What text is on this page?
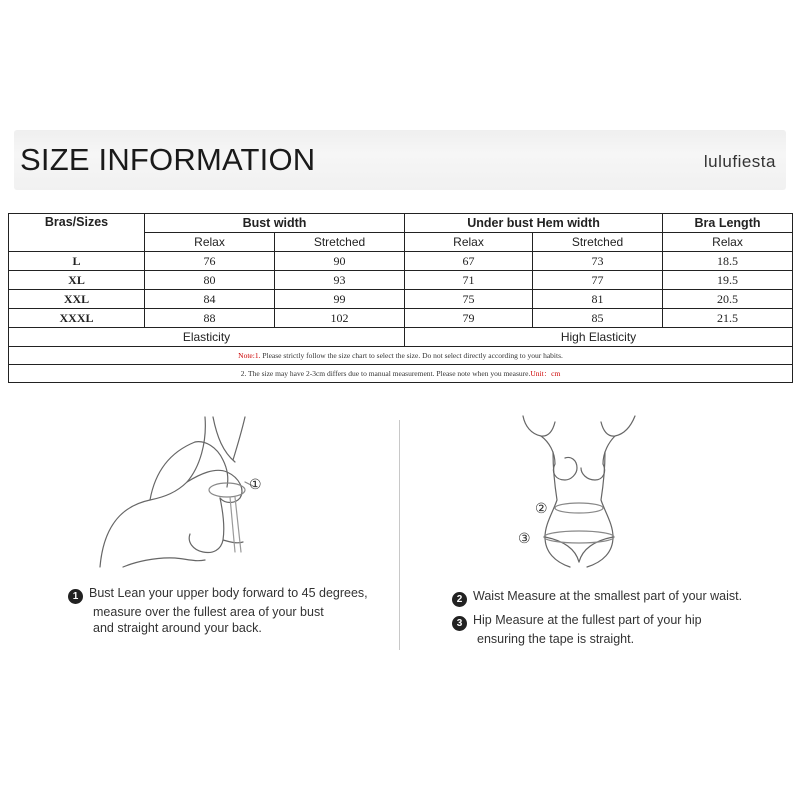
SIZE INFORMATION	lulufiesta
Bras/Sizes	Bust width		Under bust Hem width		Bra Length
	Relax	Stretched	Relax	Stretched	Relax
L	76	90	67	73	18.5
XL	80	93	71	77	19.5
XXL	84	99	75	81	20.5
XXXL	88	102	79	85	21.5
Elasticity			High Elasticity		
Note:1. Please strictly follow the size chart to select the size. Do not select directly according to your habits.					
2. The size may have 2-3cm differs due to manual measurement. Please note when you measure.Unit：cm					
①
②
③
1 Bust Lean your upper body forward to 45 degrees,
measure over the fullest area of your bust
and straight around your back.
2 Waist Measure at the smallest part of your waist.
3 Hip Measure at the fullest part of your hip
ensuring the tape is straight.
